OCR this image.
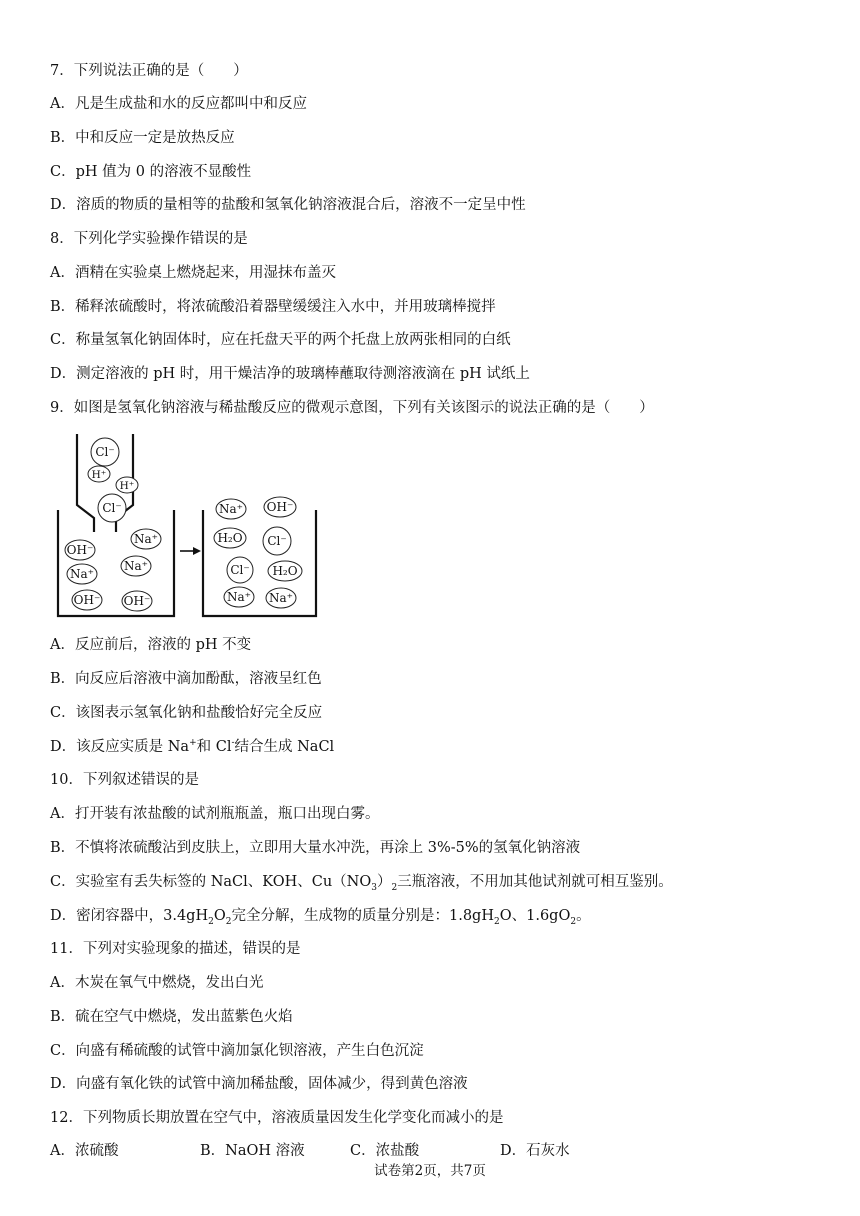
7．下列说法正确的是（　　）
A．凡是生成盐和水的反应都叫中和反应
B．中和反应一定是放热反应
C．pH 值为 0 的溶液不显酸性
D．溶质的物质的量相等的盐酸和氢氧化钠溶液混合后，溶液不一定呈中性
8．下列化学实验操作错误的是
A．酒精在实验桌上燃烧起来，用湿抹布盖灭
B．稀释浓硫酸时，将浓硫酸沿着器壁缓缓注入水中，并用玻璃棒搅拌
C．称量氢氧化钠固体时，应在托盘天平的两个托盘上放两张相同的白纸
D．测定溶液的 pH 时，用干燥洁净的玻璃棒蘸取待测溶液滴在 pH 试纸上
9．如图是氢氧化钠溶液与稀盐酸反应的微观示意图，下列有关该图示的说法正确的是（　　）
Cl⁻
H⁺
H⁺
Cl⁻
OH⁻
Na⁺
Na⁺
Na⁺
OH⁻ OH⁻
Na⁺ OH⁻
H₂O Cl⁻
Cl⁻ H₂O
Na⁺ Na⁺
A．反应前后，溶液的 pH 不变
B．向反应后溶液中滴加酚酞，溶液呈红色
C．该图表示氢氧化钠和盐酸恰好完全反应
D．该反应实质是 Na+和 Cl-结合生成 NaCl
10．下列叙述错误的是
A．打开装有浓盐酸的试剂瓶瓶盖，瓶口出现白雾。
B．不慎将浓硫酸沾到皮肤上，立即用大量水冲洗，再涂上 3%-5%的氢氧化钠溶液
C．实验室有丢失标签的 NaCl、KOH、$Cu(NO_3)_2$三瓶溶液，不用加其他试剂就可相互鉴别。
D．密闭容器中，$3.4gH_2O_2$完全分解，生成物的质量分别是：$1.8gH_2O$、$1.6gO_2$。
11．下列对实验现象的描述，错误的是
A．木炭在氧气中燃烧，发出白光
B．硫在空气中燃烧，发出蓝紫色火焰
C．向盛有稀硫酸的试管中滴加氯化钡溶液，产生白色沉淀
D．向盛有氧化铁的试管中滴加稀盐酸，固体减少，得到黄色溶液
12．下列物质长期放置在空气中，溶液质量因发生化学变化而减小的是
A．浓硫酸	B．NaOH 溶液	C．浓盐酸	D．石灰水
试卷第2页，共7页
